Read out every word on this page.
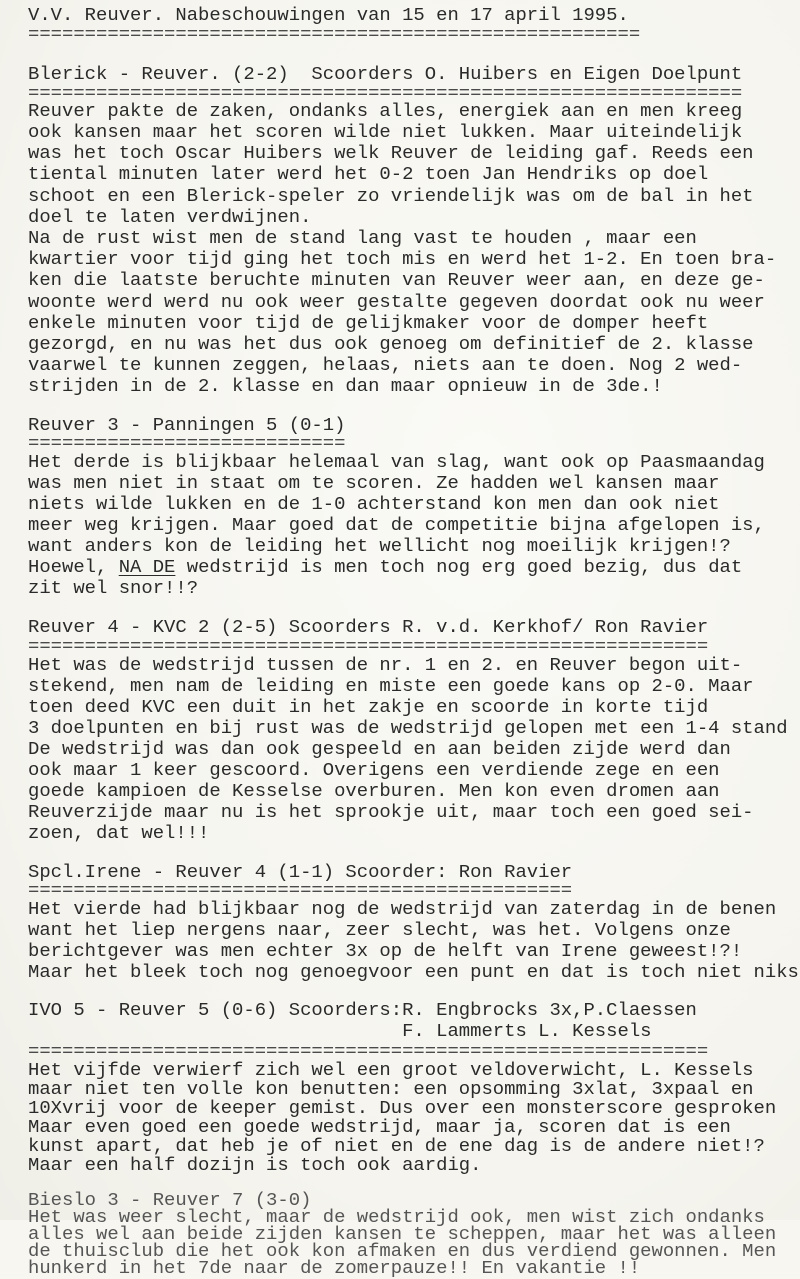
V.V. Reuver. Nabeschouwingen van 15 en 17 april 1995.
======================================================
Blerick - Reuver. (2-2)  Scoorders O. Huibers en Eigen Doelpunt
===============================================================
Reuver pakte de zaken, ondanks alles, energiek aan en men kreeg
ook kansen maar het scoren wilde niet lukken. Maar uiteindelijk
was het toch Oscar Huibers welk Reuver de leiding gaf. Reeds een
tiental minuten later werd het 0-2 toen Jan Hendriks op doel
schoot en een Blerick-speler zo vriendelijk was om de bal in het
doel te laten verdwijnen.
Na de rust wist men de stand lang vast te houden , maar een
kwartier voor tijd ging het toch mis en werd het 1-2. En toen bra-
ken die laatste beruchte minuten van Reuver weer aan, en deze ge-
woonte werd werd nu ook weer gestalte gegeven doordat ook nu weer
enkele minuten voor tijd de gelijkmaker voor de domper heeft
gezorgd, en nu was het dus ook genoeg om definitief de 2. klasse
vaarwel te kunnen zeggen, helaas, niets aan te doen. Nog 2 wed-
strijden in de 2. klasse en dan maar opnieuw in de 3de.!
Reuver 3 - Panningen 5 (0-1)
============================
Het derde is blijkbaar helemaal van slag, want ook op Paasmaandag
was men niet in staat om te scoren. Ze hadden wel kansen maar
niets wilde lukken en de 1-0 achterstand kon men dan ook niet
meer weg krijgen. Maar goed dat de competitie bijna afgelopen is,
want anders kon de leiding het wellicht nog moeilijk krijgen!?
Hoewel, NA DE wedstrijd is men toch nog erg goed bezig, dus dat
zit wel snor!!?
Reuver 4 - KVC 2 (2-5) Scoorders R. v.d. Kerkhof/ Ron Ravier
============================================================
Het was de wedstrijd tussen de nr. 1 en 2. en Reuver begon uit-
stekend, men nam de leiding en miste een goede kans op 2-0. Maar
toen deed KVC een duit in het zakje en scoorde in korte tijd
3 doelpunten en bij rust was de wedstrijd gelopen met een 1-4 stand
De wedstrijd was dan ook gespeeld en aan beiden zijde werd dan
ook maar 1 keer gescoord. Overigens een verdiende zege en een
goede kampioen de Kesselse overburen. Men kon even dromen aan
Reuverzijde maar nu is het sprookje uit, maar toch een goed sei-
zoen, dat wel!!!
Spcl.Irene - Reuver 4 (1-1) Scoorder: Ron Ravier
================================================
Het vierde had blijkbaar nog de wedstrijd van zaterdag in de benen
want het liep nergens naar, zeer slecht, was het. Volgens onze
berichtgever was men echter 3x op de helft van Irene geweest!?!
Maar het bleek toch nog genoegvoor een punt en dat is toch niet niks
IVO 5 - Reuver 5 (0-6) Scoorders:R. Engbrocks 3x,P.Claessen
F. Lammerts L. Kessels
============================================================
Het vijfde verwierf zich wel een groot veldoverwicht, L. Kessels
maar niet ten volle kon benutten: een opsomming 3xlat, 3xpaal en
10Xvrij voor de keeper gemist. Dus over een monsterscore gesproken
Maar even goed een goede wedstrijd, maar ja, scoren dat is een
kunst apart, dat heb je of niet en de ene dag is de andere niet!?
Maar een half dozijn is toch ook aardig.
Bieslo 3 - Reuver 7 (3-0)
Het was weer slecht, maar de wedstrijd ook, men wist zich ondanks
alles wel aan beide zijden kansen te scheppen, maar het was alleen
de thuisclub die het ook kon afmaken en dus verdiend gewonnen. Men
hunkerd in het 7de naar de zomerpauze!! En vakantie !!
